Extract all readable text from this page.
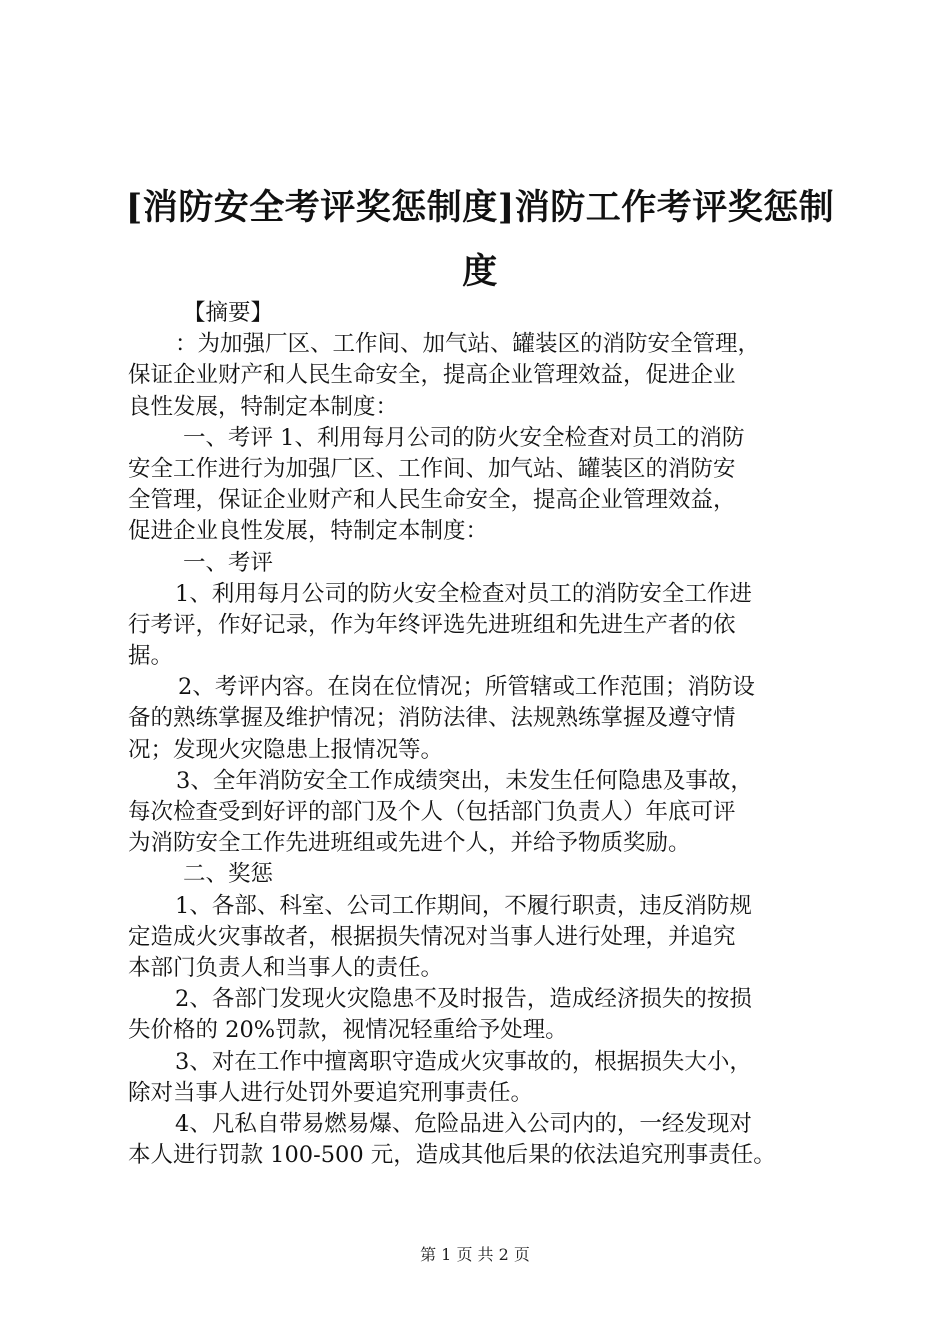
[消防安全考评奖惩制度]消防工作考评奖惩制
度
【摘要】
：为加强厂区、工作间、加气站、罐装区的消防安全管理，
保证企业财产和人民生命安全，提高企业管理效益，促进企业
良性发展，特制定本制度：
一、考评 1、利用每月公司的防火安全检查对员工的消防
安全工作进行为加强厂区、工作间、加气站、罐装区的消防安
全管理，保证企业财产和人民生命安全，提高企业管理效益，
促进企业良性发展，特制定本制度：
一、考评
1、利用每月公司的防火安全检查对员工的消防安全工作进
行考评，作好记录，作为年终评选先进班组和先进生产者的依
据。
2、考评内容。在岗在位情况；所管辖或工作范围；消防设
备的熟练掌握及维护情况；消防法律、法规熟练掌握及遵守情
况；发现火灾隐患上报情况等。
3、全年消防安全工作成绩突出，未发生任何隐患及事故，
每次检查受到好评的部门及个人（包括部门负责人）年底可评
为消防安全工作先进班组或先进个人，并给予物质奖励。
二、奖惩
1、各部、科室、公司工作期间，不履行职责，违反消防规
定造成火灾事故者，根据损失情况对当事人进行处理，并追究
本部门负责人和当事人的责任。
2、各部门发现火灾隐患不及时报告，造成经济损失的按损
失价格的 20%罚款，视情况轻重给予处理。
3、对在工作中擅离职守造成火灾事故的，根据损失大小，
除对当事人进行处罚外要追究刑事责任。
4、凡私自带易燃易爆、危险品进入公司内的，一经发现对
本人进行罚款 100-500 元，造成其他后果的依法追究刑事责任。
第 1 页 共 2 页
